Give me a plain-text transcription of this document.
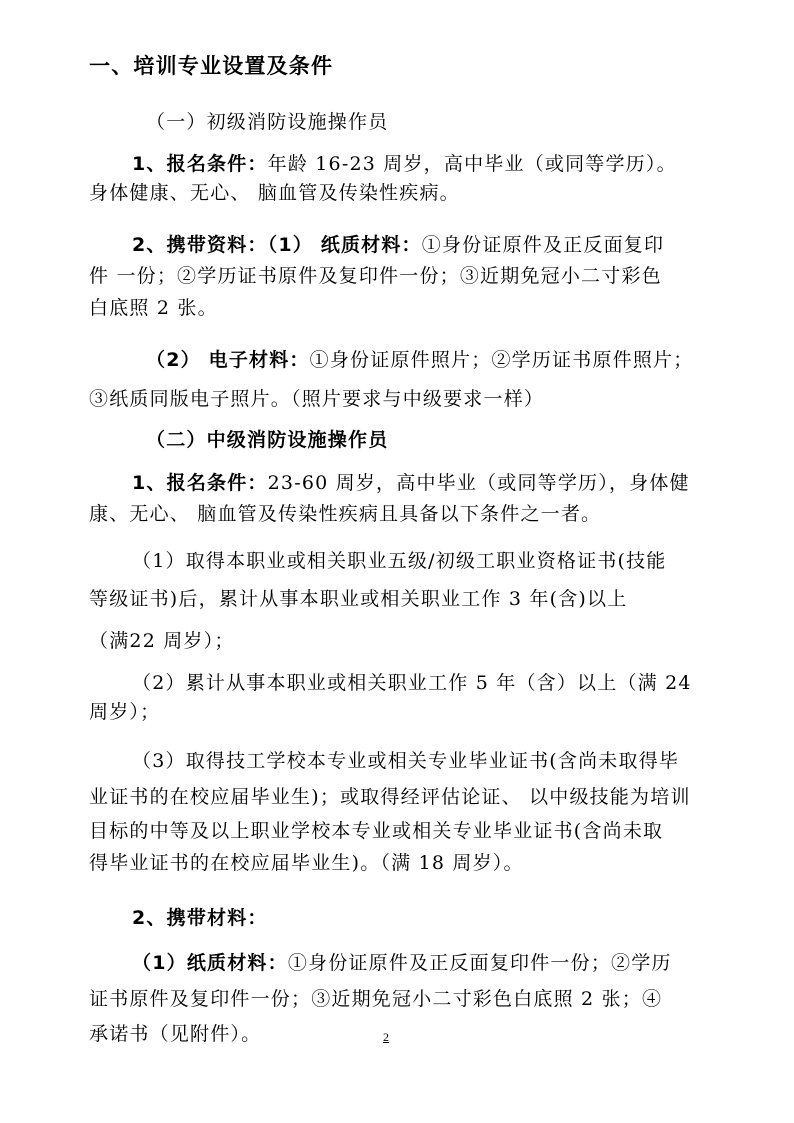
一、培训专业设置及条件
（一）初级消防设施操作员
1、报名条件：年龄 16-23 周岁，高中毕业（或同等学历）。
身体健康、无心、 脑血管及传染性疾病。
2、携带资料：（1） 纸质材料：①身份证原件及正反面复印
件 一份；②学历证书原件及复印件一份；③近期免冠小二寸彩色
白底照 2 张。
（2） 电子材料：①身份证原件照片；②学历证书原件照片；
③纸质同版电子照片。（照片要求与中级要求一样）
（二）中级消防设施操作员
1、报名条件：23-60 周岁，高中毕业（或同等学历），身体健
康、无心、 脑血管及传染性疾病且具备以下条件之一者。
（1）取得本职业或相关职业五级/初级工职业资格证书(技能
等级证书)后，累计从事本职业或相关职业工作 3 年(含)以上
（满22 周岁）；
（2）累计从事本职业或相关职业工作 5 年（含）以上（满 24
周岁）；
（3）取得技工学校本专业或相关专业毕业证书(含尚未取得毕
业证书的在校应届毕业生)；或取得经评估论证、 以中级技能为培训
目标的中等及以上职业学校本专业或相关专业毕业证书(含尚未取
得毕业证书的在校应届毕业生)。（满 18 周岁）。
2、携带材料：
（1）纸质材料：①身份证原件及正反面复印件一份；②学历
证书原件及复印件一份；③近期免冠小二寸彩色白底照 2 张；④
承诺书（见附件）。	2
